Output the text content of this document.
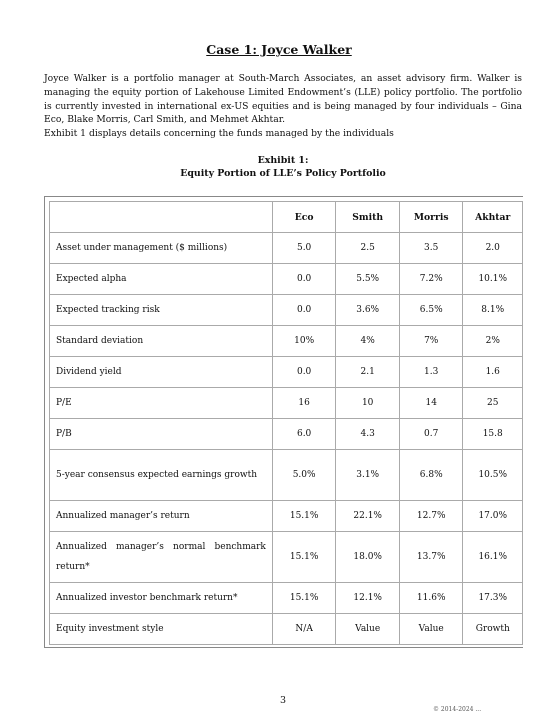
Case 1: Joyce Walker

Joyce Walker is a portfolio manager at South-March Associates, an asset advisory firm. Walker is managing the equity portion of Lakehouse Limited Endowment’s (LLE) policy portfolio. The portfolio is currently invested in international ex-US equities and is being managed by four individuals – Gina Eco, Blake Morris, Carl Smith, and Mehmet Akhtar.

Exhibit 1 displays details concerning the funds managed by the individuals

Exhibit 1:
Equity Portion of LLE’s Policy Portfolio
	Eco	Smith	Morris	Akhtar
Asset under management ($ millions)	5.0	2.5	3.5	2.0
Expected alpha	0.0	5.5%	7.2%	10.1%
Expected tracking risk	0.0	3.6%	6.5%	8.1%
Standard deviation	10%	4%	7%	2%
Dividend yield	0.0	2.1	1.3	1.6
P/E	16	10	14	25
P/B	6.0	4.3	0.7	15.8
5-year consensus expected earnings growth	5.0%	3.1%	6.8%	10.5%
Annualized manager’s return	15.1%	22.1%	12.7%	17.0%
Annualized manager’s normal benchmark return*	15.1%	18.0%	13.7%	16.1%
Annualized investor benchmark return*	15.1%	12.1%	11.6%	17.3%
Equity investment style	N/A	Value	Value	Growth
3
© 2014-2024 ...
